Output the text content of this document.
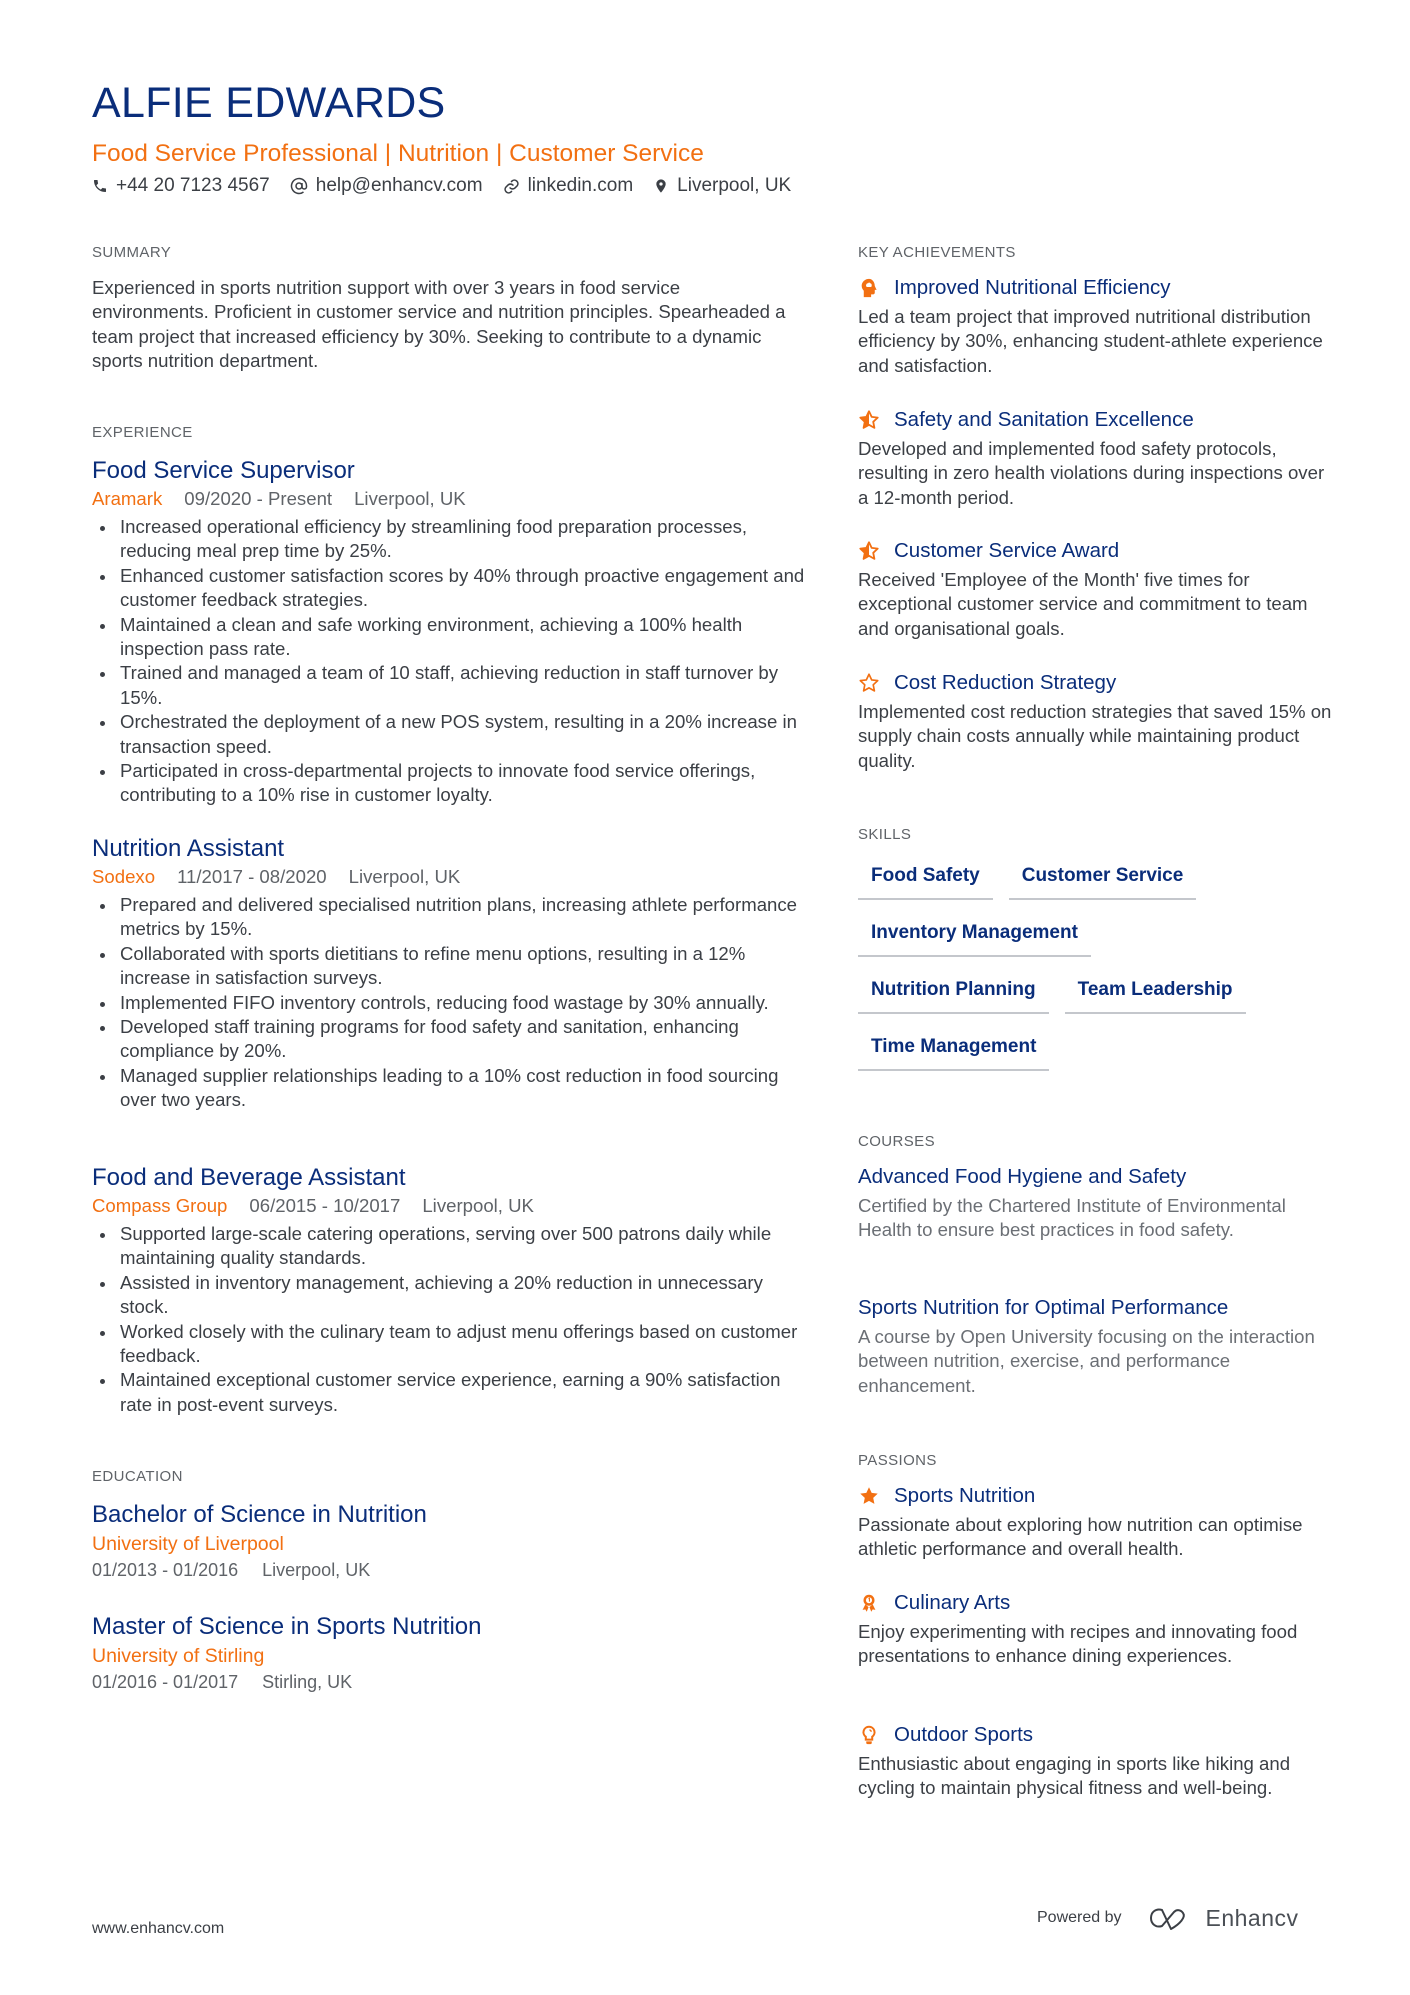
ALFIE EDWARDS
Food Service Professional | Nutrition | Customer Service
+44 20 7123 4567 help@enhancv.com linkedin.com Liverpool, UK
SUMMARY
Experienced in sports nutrition support with over 3 years in food service environments. Proficient in customer service and nutrition principles. Spearheaded a team project that increased efficiency by 30%. Seeking to contribute to a dynamic sports nutrition department.
EXPERIENCE
Food Service Supervisor
Aramark 09/2020 - Present Liverpool, UK
Increased operational efficiency by streamlining food preparation processes, reducing meal prep time by 25%.
Enhanced customer satisfaction scores by 40% through proactive engagement and customer feedback strategies.
Maintained a clean and safe working environment, achieving a 100% health inspection pass rate.
Trained and managed a team of 10 staff, achieving reduction in staff turnover by 15%.
Orchestrated the deployment of a new POS system, resulting in a 20% increase in transaction speed.
Participated in cross-departmental projects to innovate food service offerings, contributing to a 10% rise in customer loyalty.
Nutrition Assistant
Sodexo 11/2017 - 08/2020 Liverpool, UK
Prepared and delivered specialised nutrition plans, increasing athlete performance metrics by 15%.
Collaborated with sports dietitians to refine menu options, resulting in a 12% increase in satisfaction surveys.
Implemented FIFO inventory controls, reducing food wastage by 30% annually.
Developed staff training programs for food safety and sanitation, enhancing compliance by 20%.
Managed supplier relationships leading to a 10% cost reduction in food sourcing over two years.
Food and Beverage Assistant
Compass Group 06/2015 - 10/2017 Liverpool, UK
Supported large-scale catering operations, serving over 500 patrons daily while maintaining quality standards.
Assisted in inventory management, achieving a 20% reduction in unnecessary stock.
Worked closely with the culinary team to adjust menu offerings based on customer feedback.
Maintained exceptional customer service experience, earning a 90% satisfaction rate in post-event surveys.
EDUCATION
Bachelor of Science in Nutrition
University of Liverpool
01/2013 - 01/2016 Liverpool, UK
Master of Science in Sports Nutrition
University of Stirling
01/2016 - 01/2017 Stirling, UK
KEY ACHIEVEMENTS
Improved Nutritional Efficiency
Led a team project that improved nutritional distribution efficiency by 30%, enhancing student-athlete experience and satisfaction.
Safety and Sanitation Excellence
Developed and implemented food safety protocols, resulting in zero health violations during inspections over a 12-month period.
Customer Service Award
Received 'Employee of the Month' five times for exceptional customer service and commitment to team and organisational goals.
Cost Reduction Strategy
Implemented cost reduction strategies that saved 15% on supply chain costs annually while maintaining product quality.
SKILLS
Food Safety	Customer Service
Inventory Management
Nutrition Planning	Team Leadership
Time Management
COURSES
Advanced Food Hygiene and Safety
Certified by the Chartered Institute of Environmental Health to ensure best practices in food safety.
Sports Nutrition for Optimal Performance
A course by Open University focusing on the interaction between nutrition, exercise, and performance enhancement.
PASSIONS
Sports Nutrition
Passionate about exploring how nutrition can optimise athletic performance and overall health.
Culinary Arts
Enjoy experimenting with recipes and innovating food presentations to enhance dining experiences.
Outdoor Sports
Enthusiastic about engaging in sports like hiking and cycling to maintain physical fitness and well-being.
www.enhancv.com
Powered by	Enhancv
